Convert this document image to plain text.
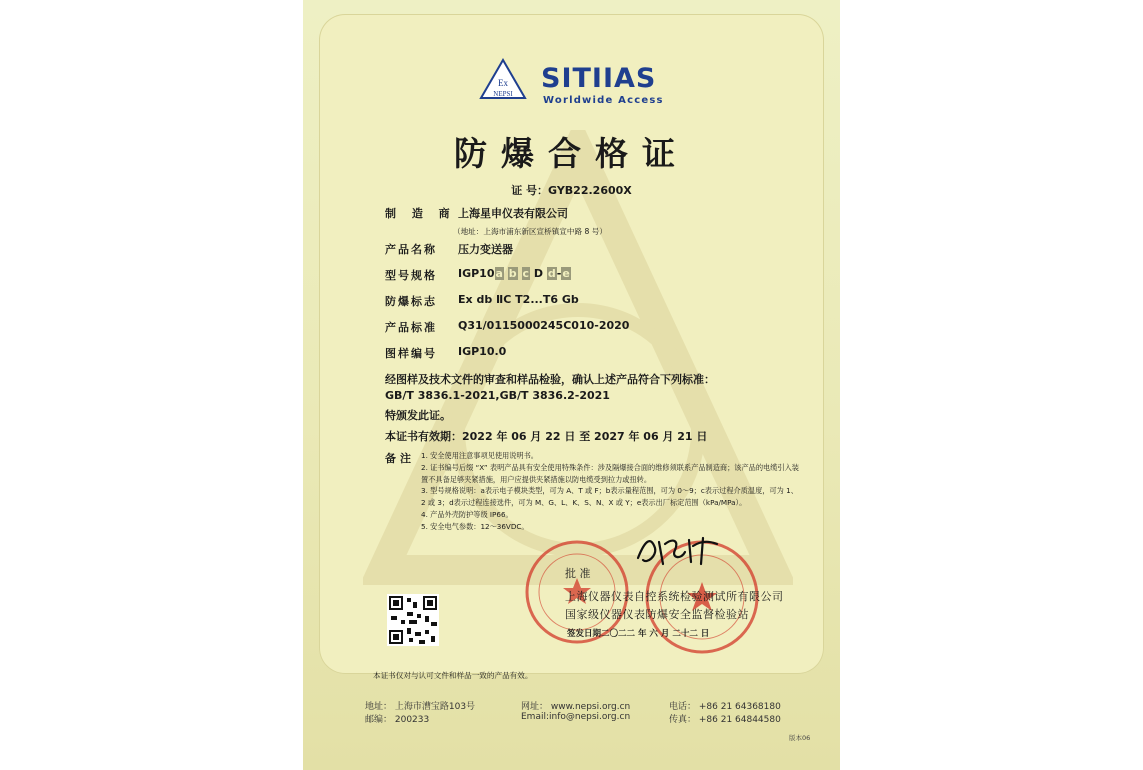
Ex
NEPSI SITIIAS
Worldwide Access
防爆合格证
证 号：GYB22.2600X
制 造 商 上海星申仪表有限公司
（地址：上海市浦东新区宣桥镇宣中路 8 号）
产品名称 压力变送器
型号规格 IGP10a b c D d-e
防爆标志 Ex db ⅡC T2...T6 Gb
产品标准 Q31/0115000245C010-2020
图样编号 IGP10.0
经图样及技术文件的审查和样品检验，确认上述产品符合下列标准：
GB/T 3836.1-2021,GB/T 3836.2-2021
特颁发此证。
本证书有效期：2022 年 06 月 22 日 至 2027 年 06 月 21 日
备注 1. 安全使用注意事项见使用说明书。
2. 证书编号后缀 “X” 表明产品具有安全使用特殊条件：涉及隔爆接合面的维修须联系产品制造商；该产品的电缆引入装置不具备足够夹紧措施，用户应提供夹紧措施以防电缆受到拉力或扭转。
3. 型号规格说明：a表示电子模块类型，可为 A、T 或 F；b表示量程范围，可为 0～9；c表示过程介质温度，可为 1、2 或 3；d表示过程连接选件，可为 M、G、L、K、S、N、X 或 Y；e表示出厂标定范围（kPa/MPa）。
4. 产品外壳防护等级 IP66。
5. 安全电气参数：12～36VDC。
批 准
上海仪器仪表自控系统检验测试所有限公司
国家级仪器仪表防爆安全监督检验站
签发日期二〇二二 年 六 月 二十二 日
本证书仅对与认可文件和样品一致的产品有效。
地址： 上海市漕宝路103号
邮编： 200233
网址： www.nepsi.org.cn
Email:info@nepsi.org.cn
电话： +86 21 64368180
传真： +86 21 64844580
版本06
